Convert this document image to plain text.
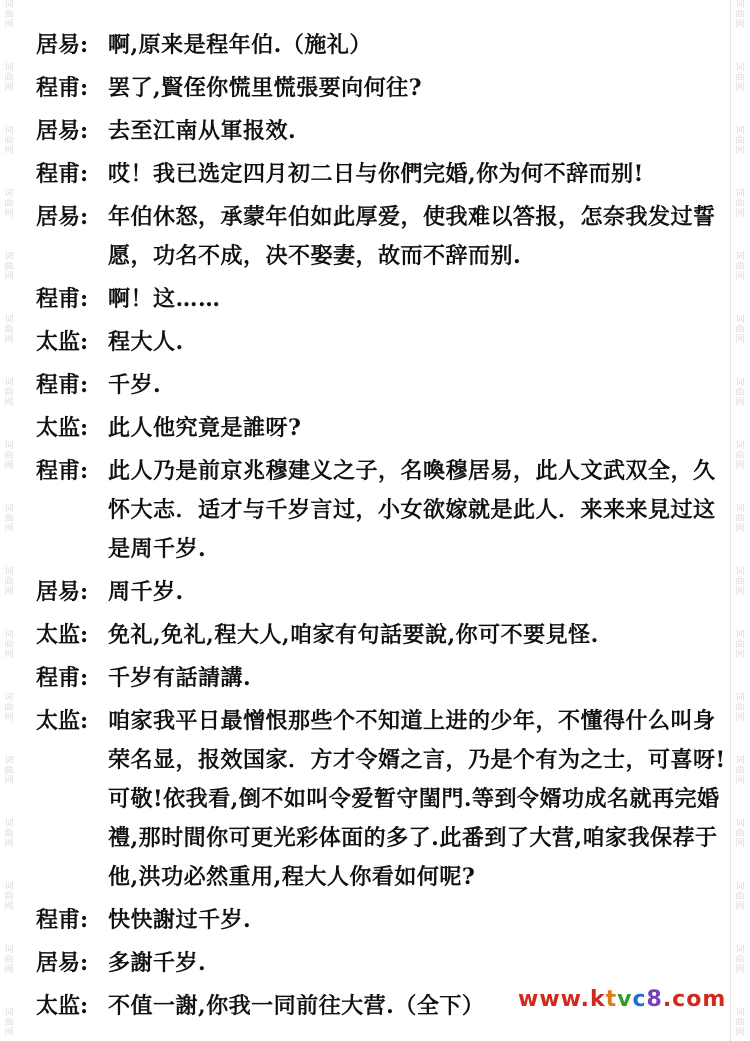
词
曲
网
词
曲
网
词
曲
网
词
曲
网
词
曲
网
词
曲
网
词
曲
网
词
曲
网
词
曲
网
词
曲
网
词
曲
网
词
曲
网
词
曲
网
词
曲
网
词
曲
网
词
曲
网
词
曲
网
词
曲
网
词
曲
网
词
曲
网
词
曲
网
词
曲
网
词
曲
网
词
曲
网
词
曲
网
词
曲
网
词
曲
网
词
曲
网
词
曲
网
词
曲
网
词
曲
网
词
曲
网
词
曲
网
词
曲
网
居易: 啊,原来是程年伯.（施礼）
程甫: 罢了,賢侄你慌里慌張要向何往?
居易: 去至江南从軍报效.
程甫: 哎！我已选定四月初二日与你們完婚,你为何不辞而别!
居易: 年伯休怒，承蒙年伯如此厚爱，使我难以答报，怎奈我发过誓愿，功名不成，决不娶妻，故而不辞而别.
程甫: 啊！这……
太监: 程大人.
程甫: 千岁.
太监: 此人他究竟是誰呀?
程甫: 此人乃是前京兆穆建义之子，名喚穆居易，此人文武双全，久怀大志．适才与千岁言过，小女欲嫁就是此人．来来来見过这是周千岁.
居易: 周千岁.
太监: 免礼,免礼,程大人,咱家有句話要說,你可不要見怪.
程甫: 千岁有話請講.
太监: 咱家我平日最憎恨那些个不知道上进的少年，不懂得什么叫身荣名显，报效国家．方才令婿之言，乃是个有为之士，可喜呀!可敬!依我看,倒不如叫令爱暂守閨門.等到令婿功成名就再完婚禮,那时間你可更光彩体面的多了.此番到了大营,咱家我保荐于他,洪功必然重用,程大人你看如何呢?
程甫: 快快謝过千岁.
居易: 多謝千岁.
太监: 不值一謝,你我一同前往大营.（全下）	www.ktvc8.com
